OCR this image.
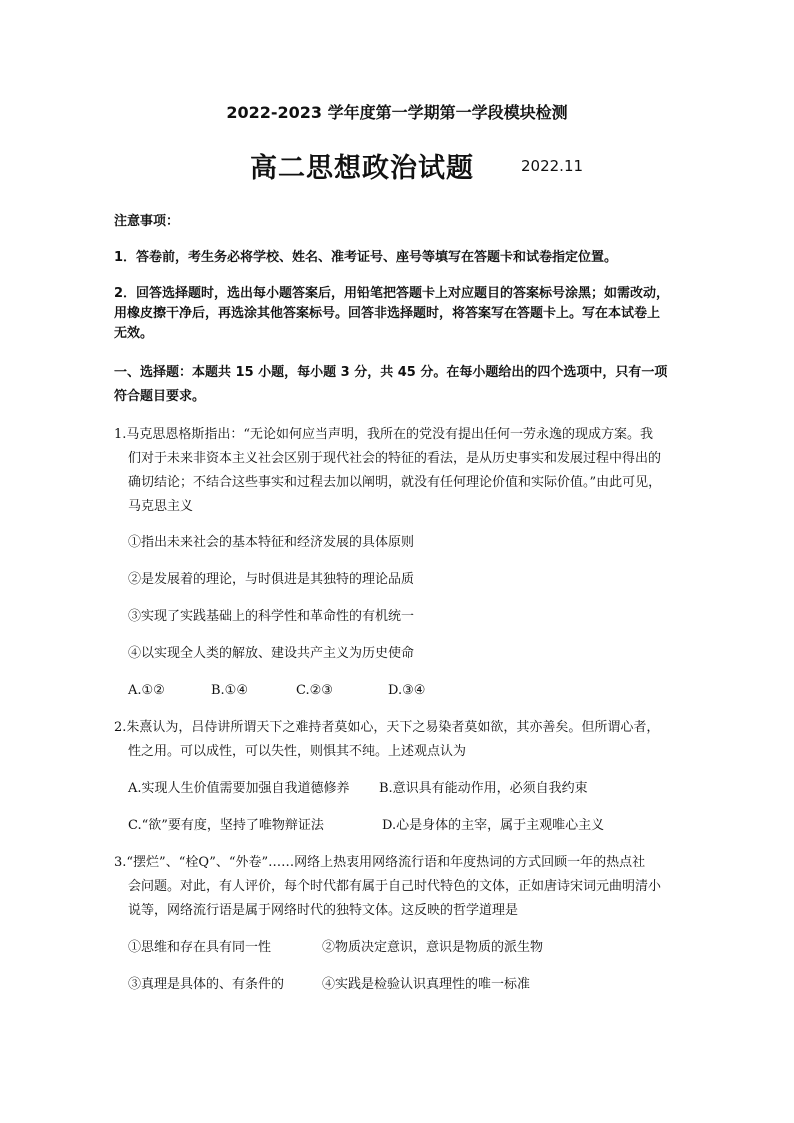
2022-2023 学年度第一学期第一学段模块检测
高二思想政治试题	2022.11
注意事项：
1．答卷前，考生务必将学校、姓名、准考证号、座号等填写在答题卡和试卷指定位置。
2．回答选择题时，选出每小题答案后，用铅笔把答题卡上对应题目的答案标号涂黑；如需改动，
用橡皮擦干净后，再选涂其他答案标号。回答非选择题时，将答案写在答题卡上。写在本试卷上
无效。
一、选择题：本题共 15 小题，每小题 3 分，共 45 分。在每小题给出的四个选项中，只有一项
符合题目要求。
1.马克思恩格斯指出：“无论如何应当声明，我所在的党没有提出任何一劳永逸的现成方案。我
们对于未来非资本主义社会区别于现代社会的特征的看法，是从历史事实和发展过程中得出的
确切结论；不结合这些事实和过程去加以阐明，就没有任何理论价值和实际价值。”由此可见，
马克思主义
①指出未来社会的基本特征和经济发展的具体原则
②是发展着的理论，与时俱进是其独特的理论品质
③实现了实践基础上的科学性和革命性的有机统一
④以实现全人类的解放、建设共产主义为历史使命
A.①②	B.①④	C.②③	D.③④
2.朱熹认为，吕侍讲所谓天下之难持者莫如心，天下之易染者莫如欲，其亦善矣。但所谓心者，
性之用。可以成性，可以失性，则惧其不纯。上述观点认为
A.实现人生价值需要加强自我道德修养 B.意识具有能动作用，必须自我约束
C.“欲”要有度，坚持了唯物辩证法	D.心是身体的主宰，属于主观唯心主义
3.“摆烂”、“栓Q”、“外卷”……网络上热衷用网络流行语和年度热词的方式回顾一年的热点社
会问题。对此，有人评价，每个时代都有属于自己时代特色的文体，正如唐诗宋词元曲明清小
说等，网络流行语是属于网络时代的独特文体。这反映的哲学道理是
①思维和存在具有同一性	②物质决定意识，意识是物质的派生物
③真理是具体的、有条件的	④实践是检验认识真理性的唯一标准
